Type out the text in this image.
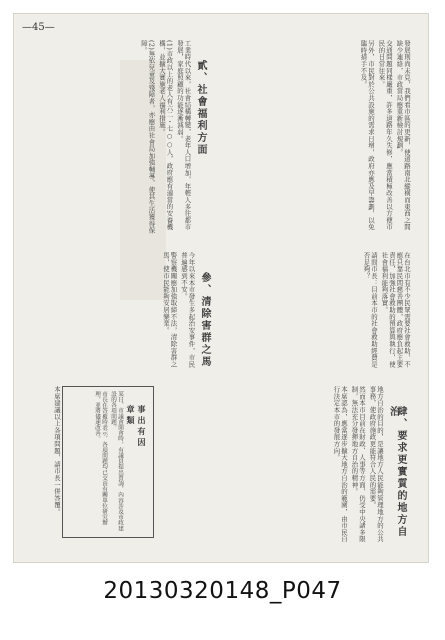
—45—

發展則尚未見，我們看市區的更新，使道路南北縱橫而東西之間缺少連絡，市政當局應重新檢討規劃。

交通問題同樣嚴重，許多道路年久失修，應當積極改善以方便市民的日常往來。

另外，市民對於公共設施的需求日增，政府亦應及早籌劃，以免臨時措手不及。

貳、社會福利方面

工業時代以來，社會結構轉變，老年人口增加，年輕人多往都市發展，家庭照顧的功能逐漸減弱。

(1)市政以上的老人有六二・七○○人，政府應有適當的安養機構，並擴大實施老人福利措施。

(2)無依兒童及殘障者，亦應由社會局加強輔導，使其生活獲得保障。

在台北市有不少民眾需要社會救助，不應只靠民間慈善團體，政府應負起主要責任，加強社會救助的預算與執行，使社會福利能夠落實。

請問市長：目前本市的社會救助經費是否足夠？

參、清除害群之馬

今年以來本市發生多起治安事件，市民普遍感到不安。

警察機關應加強取締不法，清除害群之馬，使市民能夠安居樂業。

肆、要求更實質的地方自治

地方自治的目的，是讓地方人民能夠管理地方的公共事務，使政府施政更能符合人民的需要。

然而本市目前在財政、人事等方面，仍受中央諸多限制，無法充分發揮地方自治的精神。

本席認為，應當逐步擴大地方自治的範圍，由市民自行決定本市的發展方向。

事出有因
章類

某日，市議會開會時，有議員提出質詢，內容涉及市政建設的各項問題。

市長在答覆時表示，各項問題均已交由有關單位研究辦理，並將儘速改善。

本席建議以上各項問題，請市長一併答覆。

20130320148_P047
